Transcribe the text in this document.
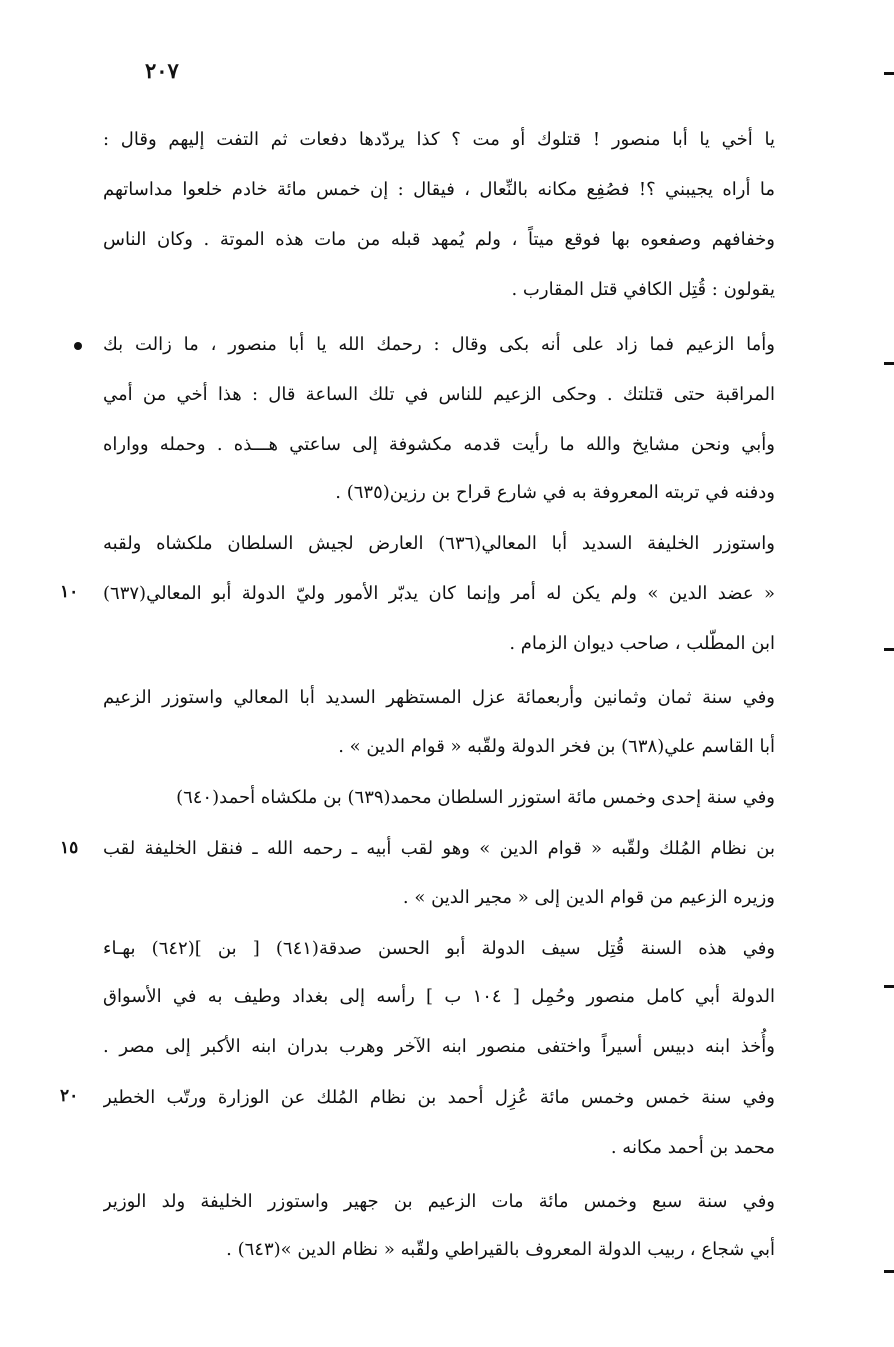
٢٠٧
يا أخي يا أبا منصور ! قتلوك أو مت ؟ كذا يردّدها دفعات ثم التفت إليهم وقال :
ما أراه يجيبني ؟! فصُفِع مكانه بالنِّعال ، فيقال : إن خمس مائة خادم خلعوا مداساتهم
وخفافهم وصفعوه بها فوقع ميتاً ، ولم يُمهد قبله من مات هذه الموتة . وكان الناس
يقولون : قُتِل الكافي قتل المقارب .
وأما الزعيم فما زاد على أنه بكى وقال : رحمك الله يا أبا منصور ، ما زالت بك
المراقبة حتى قتلتك . وحكى الزعيم للناس في تلك الساعة قال : هذا أخي من أمي
وأبي ونحن مشايخ والله ما رأيت قدمه مكشوفة إلى ساعتي هـــذه . وحمله وواراه
ودفنه في تربته المعروفة به في شارع قراح بن رزين(٦٣٥) .
واستوزر الخليفة السديد أبا المعالي(٦٣٦) العارض لجيش السلطان ملكشاه ولقبه
١٠	« عضد الدين » ولم يكن له أمر وإنما كان يدبّر الأمور وليّ الدولة أبو المعالي(٦٣٧)
ابن المطّلب ، صاحب ديوان الزمام .
وفي سنة ثمان وثمانين وأربعمائة عزل المستظهر السديد أبا المعالي واستوزر الزعيم
أبا القاسم علي(٦٣٨) بن فخر الدولة ولقّبه « قوام الدين » .
وفي سنة إحدى وخمس مائة استوزر السلطان محمد(٦٣٩) بن ملكشاه أحمد(٦٤٠)
١٥	بن نظام المُلك ولقّبه « قوام الدين » وهو لقب أبيه ـ رحمه الله ـ فنقل الخليفة لقب
وزيره الزعيم من قوام الدين إلى « مجير الدين » .
وفي هذه السنة قُتِل سيف الدولة أبو الحسن صدقة(٦٤١) [ بن ](٦٤٢) بهـاء
الدولة أبي كامل منصور وحُمِل [ ١٠٤ ب ] رأسه إلى بغداد وطيف به في الأسواق
وأُخذ ابنه دبيس أسيراً واختفى منصور ابنه الآخر وهرب بدران ابنه الأكبر إلى مصر .
٢٠	وفي سنة خمس وخمس مائة عُزِل أحمد بن نظام المُلك عن الوزارة ورتّب الخطير
محمد بن أحمد مكانه .
وفي سنة سبع وخمس مائة مات الزعيم بن جهير واستوزر الخليفة ولد الوزير
أبي شجاع ، ربيب الدولة المعروف بالقيراطي ولقّبه « نظام الدين »(٦٤٣) .
